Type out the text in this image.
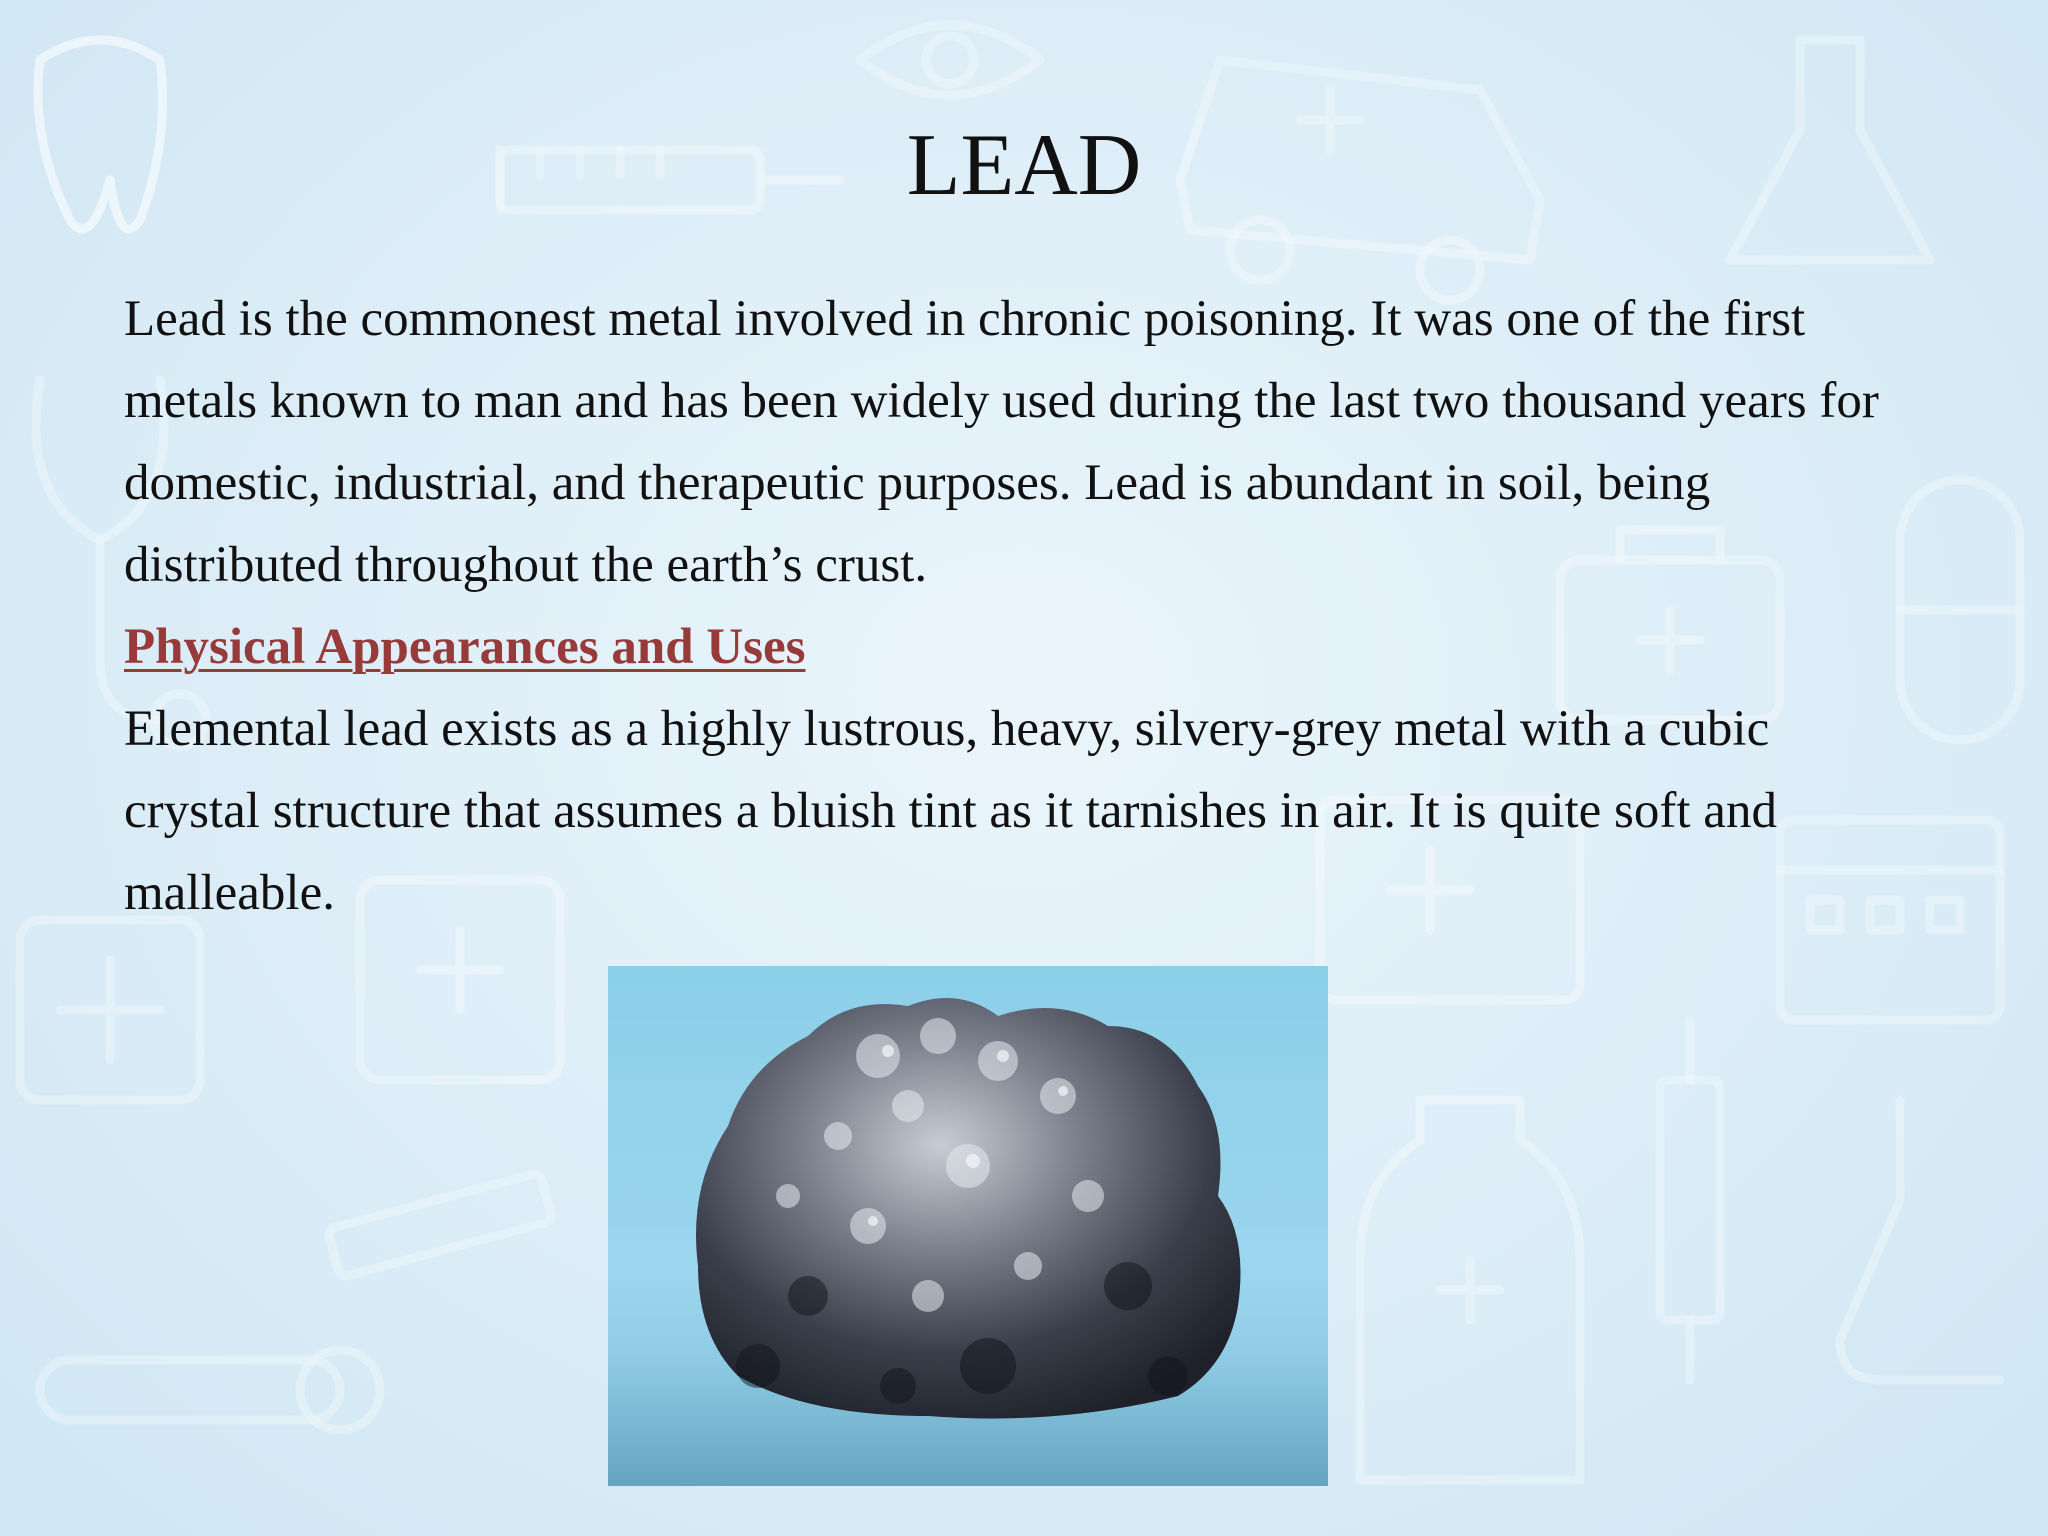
LEAD

Lead is the commonest metal involved in chronic poisoning. It was one of the first metals known to man and has been widely used during the last two thousand years for domestic, industrial, and therapeutic purposes. Lead is abundant in soil, being distributed throughout the earth’s crust.

Physical Appearances and Uses

Elemental lead exists as a highly lustrous, heavy, silvery-grey metal with a cubic crystal structure that assumes a bluish tint as it tarnishes in air. It is quite soft and malleable.
